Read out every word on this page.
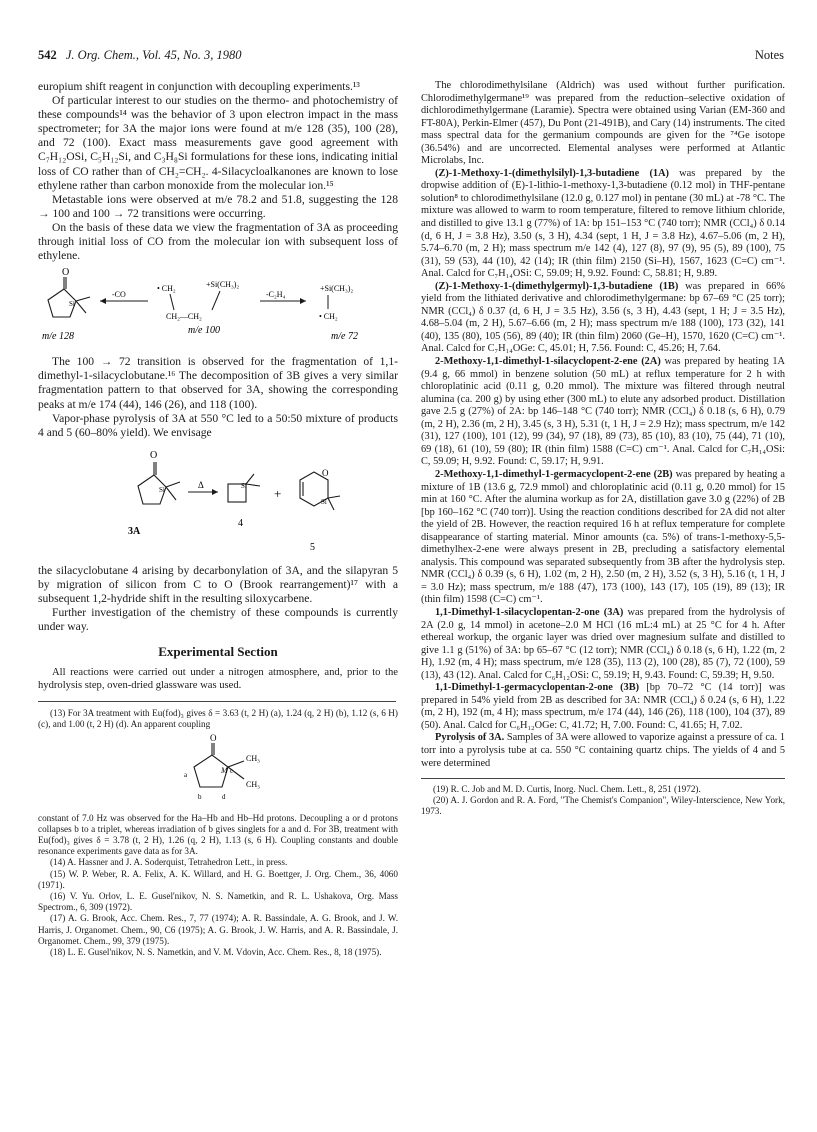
542 J. Org. Chem., Vol. 45, No. 3, 1980	Notes

europium shift reagent in conjunction with decoupling experiments.¹³

Of particular interest to our studies on the thermo- and photochemistry of these compounds¹⁴ was the behavior of 3 upon electron impact in the mass spectrometer; for 3A the major ions were found at m/e 128 (35), 100 (28), and 72 (100). Exact mass measurements gave good agreement with C₇H₁₂OSi, C₅H₁₂Si, and C₃H₈Si formulations for these ions, indicating initial loss of CO rather than of CH₂=CH₂. 4-Silacycloalkanones are known to lose ethylene rather than carbon monoxide from the molecular ion.¹⁵

Metastable ions were observed at m/e 78.2 and 51.8, suggesting the 128 → 100 and 100 → 72 transitions were occurring.

On the basis of these data we view the fragmentation of 3A as proceeding through initial loss of CO from the molecular ion with subsequent loss of ethylene.

O
Si
-CO
• CH₂	+Si(CH₃)₂
CH₂—CH₂
-C₂H₄
+Si(CH₃)₂
• CH₂
m/e 128
m/e 100
m/e 72

The 100 → 72 transition is observed for the fragmentation of 1,1-dimethyl-1-silacyclobutane.¹⁶ The decomposition of 3B gives a very similar fragmentation pattern to that observed for 3A, showing the corresponding peaks at m/e 174 (44), 146 (26), and 118 (100).

Vapor-phase pyrolysis of 3A at 550 °C led to a 50:50 mixture of products 4 and 5 (60–80% yield). We envisage

O
Si	Δ	Si +
O
Si
3A
4
5

the silacyclobutane 4 arising by decarbonylation of 3A, and the silapyran 5 by migration of silicon from C to O (Brook rearrangement)¹⁷ with a subsequent 1,2-hydride shift in the resulting siloxycarbene.

Further investigation of the chemistry of these compounds is currently under way.

Experimental Section

All reactions were carried out under a nitrogen atmosphere, and, prior to the hydrolysis step, oven-dried glassware was used.

(13) For 3A treatment with Eu(fod)₃ gives δ = 3.63 (t, 2 H) (a), 1.24 (q, 2 H) (b), 1.12 (s, 6 H) (c), and 1.00 (t, 2 H) (d). An apparent coupling

O
CH₃
CH₃
M
a
b
c
d

constant of 7.0 Hz was observed for the Ha–Hb and Hb–Hd protons. Decoupling a or d protons collapses b to a triplet, whereas irradiation of b gives singlets for a and d. For 3B, treatment with Eu(fod)₃ gives δ = 3.78 (t, 2 H), 1.26 (q, 2 H), 1.13 (s, 6 H). Coupling constants and double resonance experiments gave data as for 3A.

(14) A. Hassner and J. A. Soderquist, Tetrahedron Lett., in press.

(15) W. P. Weber, R. A. Felix, A. K. Willard, and H. G. Boettger, J. Org. Chem., 36, 4060 (1971).

(16) V. Yu. Orlov, L. E. Gusel'nikov, N. S. Nametkin, and R. L. Ushakova, Org. Mass Spectrom., 6, 309 (1972).

(17) A. G. Brook, Acc. Chem. Res., 7, 77 (1974); A. R. Bassindale, A. G. Brook, and J. W. Harris, J. Organomet. Chem., 90, C6 (1975); A. G. Brook, J. W. Harris, and A. R. Bassindale, J. Organomet. Chem., 99, 379 (1975).

(18) L. E. Gusel'nikov, N. S. Nametkin, and V. M. Vdovin, Acc. Chem. Res., 8, 18 (1975).

The chlorodimethylsilane (Aldrich) was used without further purification. Chlorodimethylgermane¹⁹ was prepared from the reduction–selective oxidation of dichlorodimethylgermane (Laramie). Spectra were obtained using Varian (EM-360 and FT-80A), Perkin-Elmer (457), Du Pont (21-491B), and Cary (14) instruments. The cited mass spectral data for the germanium compounds are given for the ⁷⁴Ge isotope (36.54%) and are uncorrected. Elemental analyses were performed at Atlantic Microlabs, Inc.

(Z)-1-Methoxy-1-(dimethylsilyl)-1,3-butadiene (1A) was prepared by the dropwise addition of (E)-1-lithio-1-methoxy-1,3-butadiene (0.12 mol) in THF-pentane solution⁸ to chlorodimethylsilane (12.0 g, 0.127 mol) in pentane (30 mL) at -78 °C. The mixture was allowed to warm to room temperature, filtered to remove lithium chloride, and distilled to give 13.1 g (77%) of 1A: bp 151–153 °C (740 torr); NMR (CCl₄) δ 0.14 (d, 6 H, J = 3.8 Hz), 3.50 (s, 3 H), 4.34 (sept, 1 H, J = 3.8 Hz), 4.67–5.06 (m, 2 H), 5.74–6.70 (m, 2 H); mass spectrum m/e 142 (4), 127 (8), 97 (9), 95 (5), 89 (100), 75 (31), 59 (53), 44 (10), 42 (14); IR (thin film) 2150 (Si–H), 1567, 1623 (C=C) cm⁻¹. Anal. Calcd for C₇H₁₄OSi: C, 59.09; H, 9.92. Found: C, 58.81; H, 9.89.

(Z)-1-Methoxy-1-(dimethylgermyl)-1,3-butadiene (1B) was prepared in 66% yield from the lithiated derivative and chlorodimethylgermane: bp 67–69 °C (25 torr); NMR (CCl₄) δ 0.37 (d, 6 H, J = 3.5 Hz), 3.56 (s, 3 H), 4.43 (sept, 1 H; J = 3.5 Hz), 4.68–5.04 (m, 2 H), 5.67–6.66 (m, 2 H); mass spectrum m/e 188 (100), 173 (32), 141 (40), 135 (80), 105 (56), 89 (40); IR (thin film) 2060 (Ge–H), 1570, 1620 (C=C) cm⁻¹. Anal. Calcd for C₇H₁₄OGe: C, 45.01; H, 7.56. Found: C, 45.26; H, 7.64.

2-Methoxy-1,1-dimethyl-1-silacyclopent-2-ene (2A) was prepared by heating 1A (9.4 g, 66 mmol) in benzene solution (50 mL) at reflux temperature for 2 h with chloroplatinic acid (0.11 g, 0.20 mmol). The mixture was filtered through neutral alumina (ca. 200 g) by using ether (300 mL) to elute any adsorbed product. Distillation gave 2.5 g (27%) of 2A: bp 146–148 °C (740 torr); NMR (CCl₄) δ 0.18 (s, 6 H), 0.79 (m, 2 H), 2.36 (m, 2 H), 3.45 (s, 3 H), 5.31 (t, 1 H, J = 2.9 Hz); mass spectrum, m/e 142 (31), 127 (100), 101 (12), 99 (34), 97 (18), 89 (73), 85 (10), 83 (10), 75 (44), 71 (10), 69 (18), 61 (10), 59 (80); IR (thin film) 1588 (C=C) cm⁻¹. Anal. Calcd for C₇H₁₄OSi: C, 59.09; H, 9.92. Found: C, 59.17; H, 9.91.

2-Methoxy-1,1-dimethyl-1-germacyclopent-2-ene (2B) was prepared by heating a mixture of 1B (13.6 g, 72.9 mmol) and chloroplatinic acid (0.11 g, 0.20 mmol) for 15 min at 160 °C. After the alumina workup as for 2A, distillation gave 3.0 g (22%) of 2B [bp 160–162 °C (740 torr)]. Using the reaction conditions described for 2A did not alter the yield of 2B. However, the reaction required 16 h at reflux temperature for complete disappearance of starting material. Minor amounts (ca. 5%) of trans-1-methoxy-5,5-dimethylhex-2-ene were always present in 2B, precluding a satisfactory elemental analysis. This compound was separated subsequently from 3B after the hydrolysis step. NMR (CCl₄) δ 0.39 (s, 6 H), 1.02 (m, 2 H), 2.50 (m, 2 H), 3.52 (s, 3 H), 5.16 (t, 1 H, J = 3.0 Hz); mass spectrum, m/e 188 (47), 173 (100), 143 (17), 105 (19), 89 (13); IR (thin film) 1598 (C=C) cm⁻¹.

1,1-Dimethyl-1-silacyclopentan-2-one (3A) was prepared from the hydrolysis of 2A (2.0 g, 14 mmol) in acetone–2.0 M HCl (16 mL:4 mL) at 25 °C for 4 h. After ethereal workup, the organic layer was dried over magnesium sulfate and distilled to give 1.1 g (51%) of 3A: bp 65–67 °C (12 torr); NMR (CCl₄) δ 0.18 (s, 6 H), 1.22 (m, 2 H), 1.92 (m, 4 H); mass spectrum, m/e 128 (35), 113 (2), 100 (28), 85 (7), 72 (100), 59 (13), 43 (12). Anal. Calcd for C₆H₁₂OSi: C, 59.19; H, 9.43. Found: C, 59.39; H, 9.50.

1,1-Dimethyl-1-germacyclopentan-2-one (3B) [bp 70–72 °C (14 torr)] was prepared in 54% yield from 2B as described for 3A: NMR (CCl₄) δ 0.24 (s, 6 H), 1.22 (m, 2 H), 192 (m, 4 H); mass spectrum, m/e 174 (44), 146 (26), 118 (100), 104 (37), 89 (50). Anal. Calcd for C₆H₁₂OGe: C, 41.72; H, 7.00. Found: C, 41.65; H, 7.02.

Pyrolysis of 3A. Samples of 3A were allowed to vaporize against a pressure of ca. 1 torr into a pyrolysis tube at ca. 550 °C containing quartz chips. The yields of 4 and 5 were determined

(19) R. C. Job and M. D. Curtis, Inorg. Nucl. Chem. Lett., 8, 251 (1972).

(20) A. J. Gordon and R. A. Ford, "The Chemist's Companion", Wiley-Interscience, New York, 1973.
